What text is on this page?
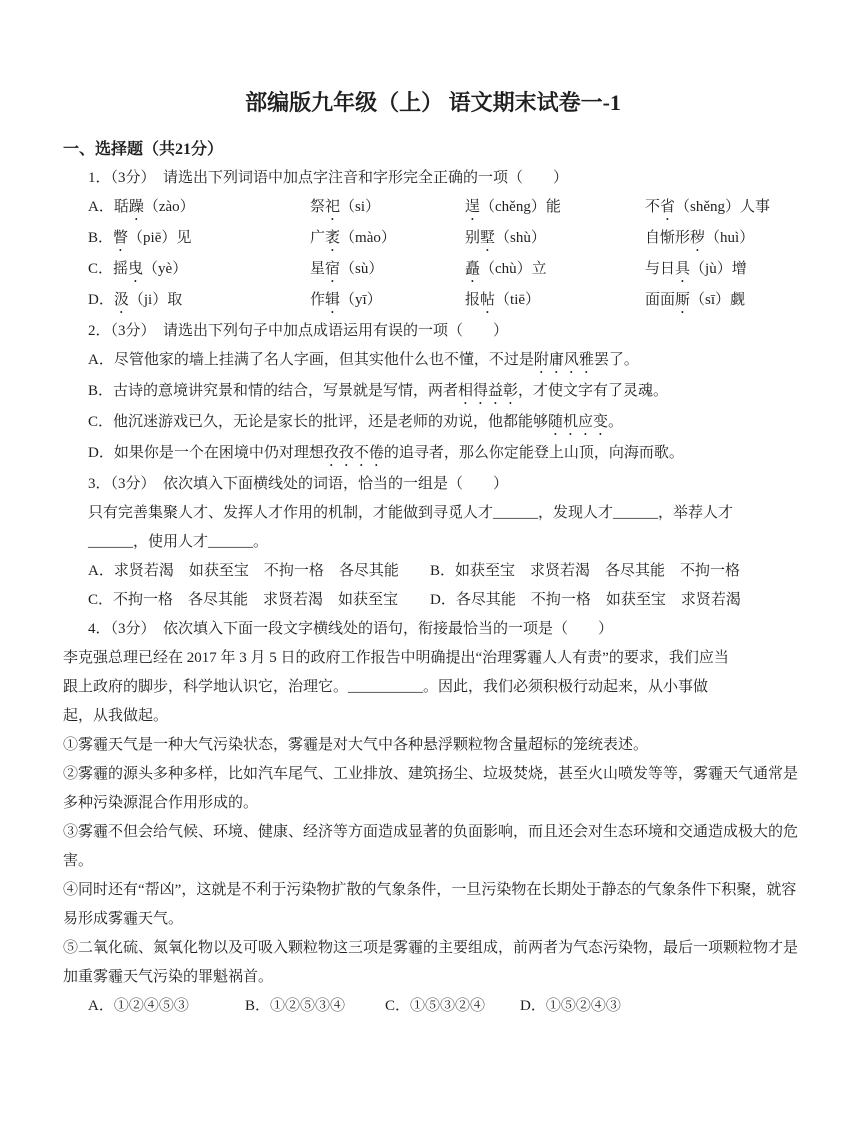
部编版九年级（上） 语文期末试卷一-1
一、选择题（共21分）
1．（3分）　请选出下列词语中加点字注音和字形完全正确的一项（　　）
A．聒躁（zào）	祭祀（si）	逞（chěng）能	不省（shěng）人事
B．瞥（piē）见	广袤（mào）	别墅（shù）	自惭形秽（huì）
C．摇曳（yè）	星宿（sù）	矗（chù）立	与日具（jù）增
D．汲（ji）取	作辑（yī）	报帖（tiē）	面面厮（sī）觑
2．（3分）　请选出下列句子中加点成语运用有误的一项（　　）
A．尽管他家的墙上挂满了名人字画，但其实他什么也不懂，不过是附庸风雅罢了。
B．古诗的意境讲究景和情的结合，写景就是写情，两者相得益彰，才使文字有了灵魂。
C．他沉迷游戏已久，无论是家长的批评，还是老师的劝说，他都能够随机应变。
D．如果你是一个在困境中仍对理想孜孜不倦的追寻者，那么你定能登上山顶，向海而歌。
3．（3分）　依次填入下面横线处的词语，恰当的一组是（　　）
只有完善集聚人才、发挥人才作用的机制，才能做到寻觅人才______，发现人才______，举荐人才
______，使用人才______。
A．求贤若渴　如获至宝　不拘一格　各尽其能	B．如获至宝　求贤若渴　各尽其能　不拘一格
C．不拘一格　各尽其能　求贤若渴　如获至宝	D．各尽其能　不拘一格　如获至宝　求贤若渴
4．（3分）　依次填入下面一段文字横线处的语句，衔接最恰当的一项是（　　）
李克强总理已经在 2017 年 3 月 5 日的政府工作报告中明确提出“治理雾霾人人有责”的要求，我们应当
跟上政府的脚步，科学地认识它，治理它。__________。因此，我们必须积极行动起来，从小事做
起，从我做起。
①雾霾天气是一种大气污染状态，雾霾是对大气中各种悬浮颗粒物含量超标的笼统表述。
②雾霾的源头多种多样，比如汽车尾气、工业排放、建筑扬尘、垃圾焚烧，甚至火山喷发等等，雾霾天气通常是多种污染源混合作用形成的。
③雾霾不但会给气候、环境、健康、经济等方面造成显著的负面影响，而且还会对生态环境和交通造成极大的危害。
④同时还有“帮凶”，这就是不利于污染物扩散的气象条件，一旦污染物在长期处于静态的气象条件下积聚，就容易形成雾霾天气。
⑤二氧化硫、氮氧化物以及可吸入颗粒物这三项是雾霾的主要组成，前两者为气态污染物，最后一项颗粒物才是加重雾霾天气污染的罪魁祸首。
A．①②④⑤③	B．①②⑤③④	C．①⑤③②④	D．①⑤②④③
